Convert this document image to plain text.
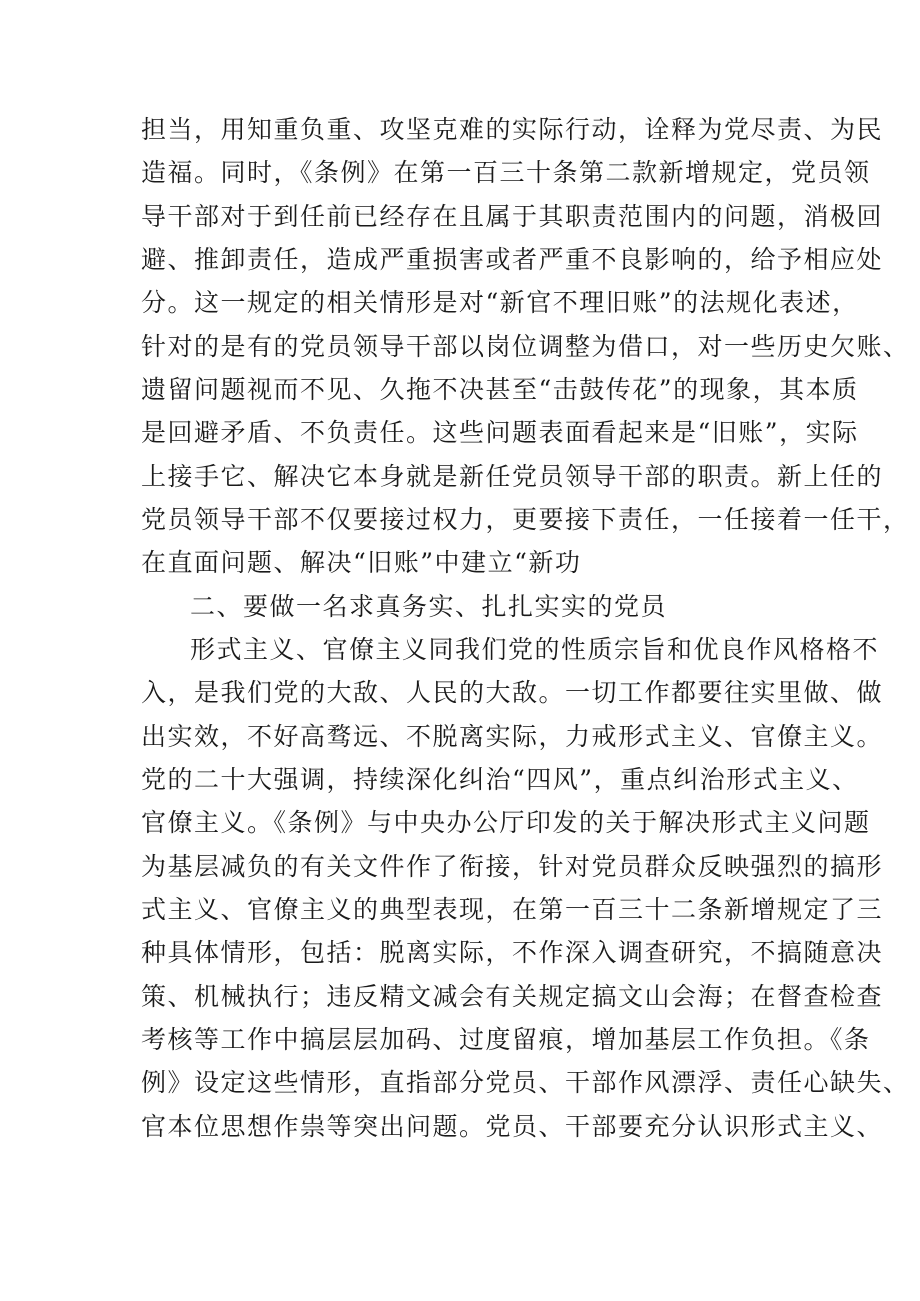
担当，用知重负重、攻坚克难的实际行动，诠释为党尽责、为民
造福。同时，《条例》在第一百三十条第二款新增规定，党员领
导干部对于到任前已经存在且属于其职责范围内的问题，消极回
避、推卸责任，造成严重损害或者严重不良影响的，给予相应处
分。这一规定的相关情形是对“新官不理旧账”的法规化表述，
针对的是有的党员领导干部以岗位调整为借口，对一些历史欠账、
遗留问题视而不见、久拖不决甚至“击鼓传花”的现象，其本质
是回避矛盾、不负责任。这些问题表面看起来是“旧账”，实际
上接手它、解决它本身就是新任党员领导干部的职责。新上任的
党员领导干部不仅要接过权力，更要接下责任，一任接着一任干，
在直面问题、解决“旧账”中建立“新功
二、要做一名求真务实、扎扎实实的党员
形式主义、官僚主义同我们党的性质宗旨和优良作风格格不
入，是我们党的大敌、人民的大敌。一切工作都要往实里做、做
出实效，不好高骛远、不脱离实际，力戒形式主义、官僚主义。
党的二十大强调，持续深化纠治“四风”，重点纠治形式主义、
官僚主义。《条例》与中央办公厅印发的关于解决形式主义问题
为基层减负的有关文件作了衔接，针对党员群众反映强烈的搞形
式主义、官僚主义的典型表现，在第一百三十二条新增规定了三
种具体情形，包括：脱离实际，不作深入调查研究，不搞随意决
策、机械执行；违反精文减会有关规定搞文山会海；在督查检查
考核等工作中搞层层加码、过度留痕，增加基层工作负担。《条
例》设定这些情形，直指部分党员、干部作风漂浮、责任心缺失、
官本位思想作祟等突出问题。党员、干部要充分认识形式主义、
